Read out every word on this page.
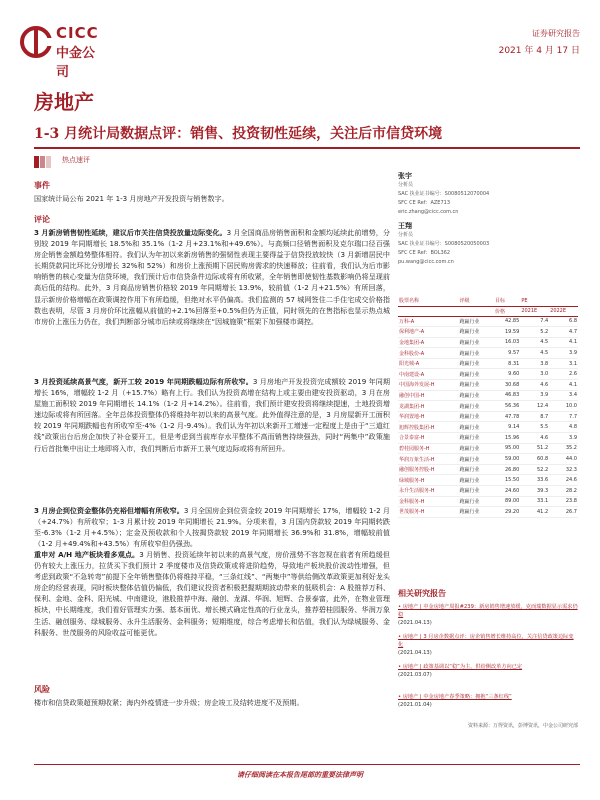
CICC
中金公司
证券研究报告
2021 年 4 月 17 日
房地产
1-3 月统计局数据点评：销售、投资韧性延续，关注后市信贷环境
热点速评
事件
国家统计局公布 2021 年 1-3 月房地产开发投资与销售数字。
评论
3 月新房销售韧性延续，建议后市关注信贷投放量边际变化。3 月全国商品房销售面积和金额均延续此前增势，分别较 2019 年同期增长 18.5%和 35.1%（1-2 月+23.1%和+49.6%）。与高频口径销售面积及克尔瑞口径百强房企销售金额趋势整体相符。我们认为年初以来新房销售的强韧性表现主要得益于信贷投放较快（3 月新增居民中长期贷款同比环比分别增长 32%和 52%）和房价上涨预期下居民购房需求的快速释放；往前看，我们认为后市影响销售的核心变量为信贷环境，我们预计后市信贷条件边际或将有所收紧，全年销售即使韧性基数影响仍将呈现前高后低的结构。此外，3 月商品房销售价格较 2019 年同期增长 13.9%，较前值（1-2 月+21.5%）有所回落，显示新房价格增幅在政策调控作用下有所趋缓，但绝对水平仍偏高。我们监测的 57 城网签住二手住宅成交价格指数也表明，尽管 3 月房价环比涨幅从前值的+2.1%回落至+0.5%但仍为正值，同时领先的在售指标也显示热点城市房价上涨压力仍在，我们判断部分城市后续或将继续在“因城施策”框架下加强楼市调控。
3 月投资延续高景气度，新开工较 2019 年同期跌幅边际有所收窄。3 月房地产开发投资完成额较 2019 年同期增长 16%，增幅较 1-2 月（+15.7%）略有上行。我们认为投资高增在结构上或主要由建安投资驱动，3 月在房屋施工面积较 2019 年同期增长 14.1%（1-2 月+14.2%）。往前看，我们预计建安投资将继续提速，土地投资增速边际或将有所回落。全年总体投资整体仍将维持年初以来的高景气度。此外值得注意的是，3 月房屋新开工面积较 2019 年同期跌幅也有所收窄至-4%（1-2 月-9.4%）。我们认为年初以来新开工增速一定程度上是由于“三道红线”政策出台后房企加快了补仓要开工，但是考虑到当前库存水平整体不高而销售持续强劲，同时“两集中”政策施行后首批集中出让土地即将入市，我们判断后市新开工景气度边际或将有所回升。
3 月房企到位资金整体仍充裕但增幅有所收窄。3 月全国房企到位资金较 2019 年同期增长 17%，增幅较 1-2 月（+24.7%）有所收窄；1-3 月累计较 2019 年同期增长 21.9%。分项来看，3 月国内贷款较 2019 年同期转跌至-6.3%（1-2 月+4.5%）；定金及预收款和个人按揭贷款较 2019 年同期增长 36.9%和 31.8%，增幅较前值（1-2 月+49.4%和+43.5%）有所收窄但仍强劲。
重申对 A/H 地产板块看多观点。3 月销售、投资延续年初以来的高景气度，房价涨势不容忽视在前者有所趋缓但仍有较大上涨压力，拉货买下我们预计 2 季度楼市及信贷政策或将进阶趋势，导致地产板块股价波动性增强，但考虑到政策“不急转弯”前提下全年销售整体仍将维持平稳，“三条红线”、“两集中”等供给侧改革政策更加利好龙头房企的经营表现，同时板块整体估值仍偏低，我们建议投资者积极把握期期波动带来的低吸机会：A 股推荐万科、保利、金地、金科、阳光城、中南建设，港股推荐中海、融创、龙湖、华润、旭辉、合景泰富，此外，在物业管理板块，中长期维度，我们看好管理实力强、基本面优、增长模式确定性高的行业龙头，推荐碧桂园服务、华润万象生活、融创服务、绿城服务、永升生活服务、金科服务；短期维度，综合考虑增长和估值，我们认为绿城服务、金科服务、世茂服务的风险收益可能更优。
风险
楼市和信贷政策超预期收紧；海内外疫情进一步升级；房企竣工及结转进度不及预期。
张宇
分析员
SAC 执业证书编号：S0080512070004
SFC CE Ref：AZE713
eric.zhang@cicc.com.cn
王翔
分析员
SAC 执业证书编号：S0080520050003
SFC CE Ref：BOL362
pu.wang@cicc.com.cn
股票名称	评级	目标	PE	
		价格	2021E	2022E
万科-A	跑赢行业	42.85	7.4	6.8
保利地产-A	跑赢行业	19.59	5.2	4.7
金地集团-A	跑赢行业	16.03	4.5	4.1
金科股份-A	跑赢行业	9.57	4.5	3.9
阳光城-A	跑赢行业	8.31	3.8	3.1
中南建设-A	跑赢行业	9.60	3.0	2.6
中国海外发展-H	跑赢行业	30.68	4.6	4.1
融创中国-H	跑赢行业	46.83	3.9	3.4
龙湖集团-H	跑赢行业	56.36	12.4	10.0
华润置地-H	跑赢行业	47.78	8.7	7.7
旭辉控股集团-H	跑赢行业	9.14	5.5	4.8
合景泰富-H	跑赢行业	15.96	4.6	3.9
碧桂园服务-H	跑赢行业	95.00	51.2	35.2
华润万象生活-H	跑赢行业	59.00	60.8	44.0
融创服务控股-H	跑赢行业	26.80	52.2	32.3
绿城服务-H	跑赢行业	15.50	33.6	24.6
永升生活服务-H	跑赢行业	24.60	39.3	28.2
金科服务-H	跑赢行业	89.00	33.1	23.8
世茂服务-H	跑赢行业	29.20	41.2	26.7
相关研究报告
• 房地产 | 中金房地产周报#239：新房销售增速放缓，克而瑞数据显示需求仍稳
(2021.04.13)
• 房地产 | 3 月房企数据点评：房企销售增长维持高位，关注信贷政策边际变化
(2021.04.13)
• 房地产 | 政策基调以“稳”为主，供给侧改革方向已定
(2021.03.07)
• 房地产 | 中金房地产春季策略：拥抱“三条红线”
(2021.01.04)
资料来源：万得资讯，彭博资讯，中金公司研究部
请仔细阅读在本报告尾部的重要法律声明
